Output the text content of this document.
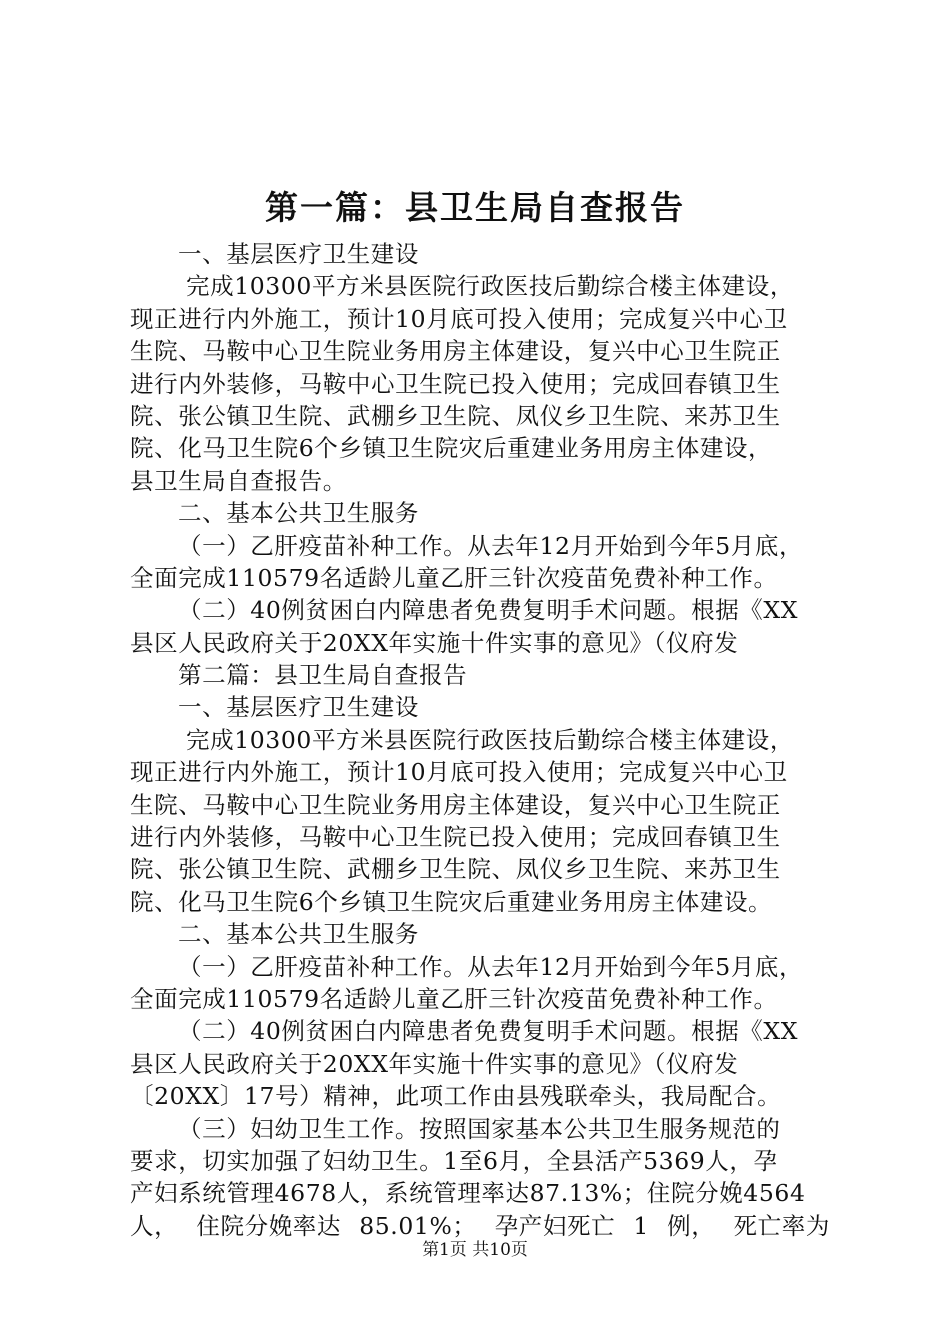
第一篇：县卫生局自查报告
一、基层医疗卫生建设
完成10300平方米县医院行政医技后勤综合楼主体建设，
现正进行内外施工，预计10月底可投入使用；完成复兴中心卫
生院、马鞍中心卫生院业务用房主体建设，复兴中心卫生院正
进行内外装修，马鞍中心卫生院已投入使用；完成回春镇卫生
院、张公镇卫生院、武棚乡卫生院、凤仪乡卫生院、来苏卫生
院、化马卫生院6个乡镇卫生院灾后重建业务用房主体建设，
县卫生局自查报告。
二、基本公共卫生服务
（一）乙肝疫苗补种工作。从去年12月开始到今年5月底，
全面完成110579名适龄儿童乙肝三针次疫苗免费补种工作。
（二）40例贫困白内障患者免费复明手术问题。根据《XX
县区人民政府关于20XX年实施十件实事的意见》（仪府发
第二篇：县卫生局自查报告
一、基层医疗卫生建设
完成10300平方米县医院行政医技后勤综合楼主体建设，
现正进行内外施工，预计10月底可投入使用；完成复兴中心卫
生院、马鞍中心卫生院业务用房主体建设，复兴中心卫生院正
进行内外装修，马鞍中心卫生院已投入使用；完成回春镇卫生
院、张公镇卫生院、武棚乡卫生院、凤仪乡卫生院、来苏卫生
院、化马卫生院6个乡镇卫生院灾后重建业务用房主体建设。
二、基本公共卫生服务
（一）乙肝疫苗补种工作。从去年12月开始到今年5月底，
全面完成110579名适龄儿童乙肝三针次疫苗免费补种工作。
（二）40例贫困白内障患者免费复明手术问题。根据《XX
县区人民政府关于20XX年实施十件实事的意见》（仪府发
〔20XX〕17号）精神，此项工作由县残联牵头，我局配合。
（三）妇幼卫生工作。按照国家基本公共卫生服务规范的
要求，切实加强了妇幼卫生。1至6月，全县活产5369人，孕
产妇系统管理4678人，系统管理率达87.13%；住院分娩4564
人， 住院分娩率达 85.01%； 孕产妇死亡 1 例， 死亡率为
第1页 共10页
